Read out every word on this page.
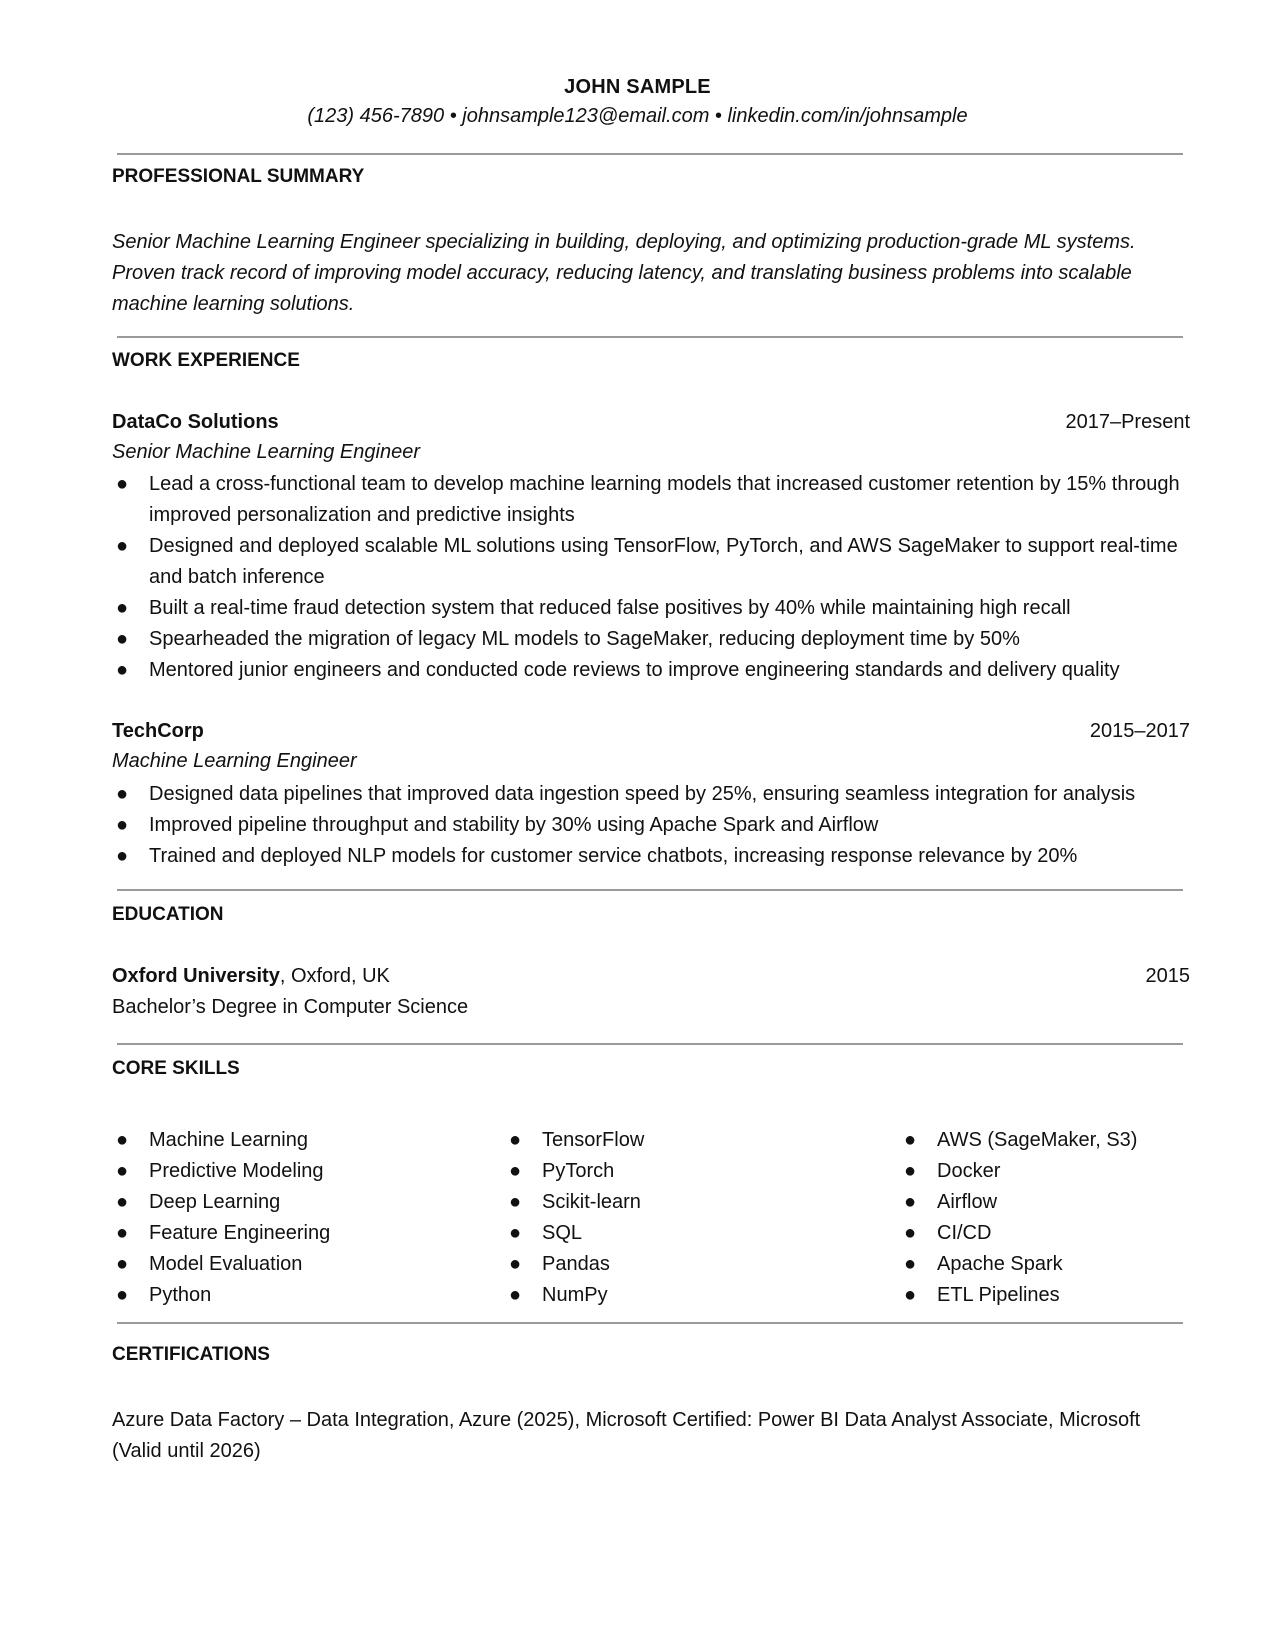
JOHN SAMPLE
(123) 456-7890 • johnsample123@email.com • linkedin.com/in/johnsample
PROFESSIONAL SUMMARY
Senior Machine Learning Engineer specializing in building, deploying, and optimizing production-grade ML systems. Proven track record of improving model accuracy, reducing latency, and translating business problems into scalable machine learning solutions.
WORK EXPERIENCE
DataCo Solutions	2017–Present
Senior Machine Learning Engineer
● Lead a cross-functional team to develop machine learning models that increased customer retention by 15% through improved personalization and predictive insights
● Designed and deployed scalable ML solutions using TensorFlow, PyTorch, and AWS SageMaker to support real-time and batch inference
● Built a real-time fraud detection system that reduced false positives by 40% while maintaining high recall
● Spearheaded the migration of legacy ML models to SageMaker, reducing deployment time by 50%
● Mentored junior engineers and conducted code reviews to improve engineering standards and delivery quality
TechCorp	2015–2017
Machine Learning Engineer
● Designed data pipelines that improved data ingestion speed by 25%, ensuring seamless integration for analysis
● Improved pipeline throughput and stability by 30% using Apache Spark and Airflow
● Trained and deployed NLP models for customer service chatbots, increasing response relevance by 20%
EDUCATION
Oxford University, Oxford, UK	2015
Bachelor’s Degree in Computer Science
CORE SKILLS
● Machine Learning
● Predictive Modeling
● Deep Learning
● Feature Engineering
● Model Evaluation
● Python
● TensorFlow
● PyTorch
● Scikit-learn
● SQL
● Pandas
● NumPy
● AWS (SageMaker, S3)
● Docker
● Airflow
● CI/CD
● Apache Spark
● ETL Pipelines
CERTIFICATIONS
Azure Data Factory – Data Integration, Azure (2025), Microsoft Certified: Power BI Data Analyst Associate, Microsoft (Valid until 2026)
